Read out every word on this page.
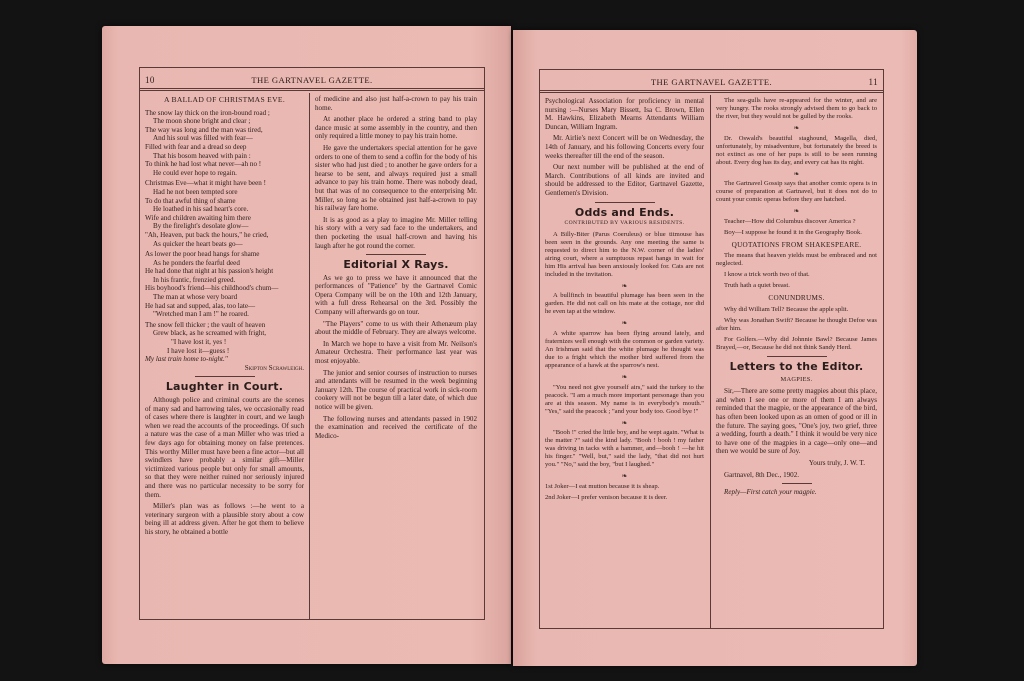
10	THE GARTNAVEL GAZETTE.
A BALLAD OF CHRISTMAS EVE.

The snow lay thick on the iron-bound road ;

The moon shone bright and clear ;

The way was long and the man was tired,

And his soul was filled with fear—

Filled with fear and a dread so deep

That his bosom heaved with pain :

To think he had lost what never—ah no !

He could ever hope to regain.

Christmas Eve—what it might have been !

Had he not been tempted sore

To do that awful thing of shame

He loathed in his sad heart's core.

Wife and children awaiting him there

By the firelight's desolate glow—

"Ah, Heaven, put back the hours," he cried,

As quicker the heart beats go—

As lower the poor head hangs for shame

As he ponders the fearful deed

He had done that night at his passion's height

In his frantic, frenzied greed.

His boyhood's friend—his childhood's chum—

The man at whose very board

He had sat and supped, alas, too late—

"Wretched man I am !" he roared.

The snow fell thicker ; the vault of heaven

Grew black, as he screamed with fright,

"I have lost it, yes !

I have lost it—guess !

My last train home to-night."

Skipton Scrawleigh.

Laughter in Court.

Although police and criminal courts are the scenes of many sad and harrowing tales, we occasionally read of cases where there is laughter in court, and we laugh when we read the accounts of the proceedings. Of such a nature was the case of a man Miller who was tried a few days ago for obtaining money on false pretences. This worthy Miller must have been a fine actor—but all swindlers have probably a similar gift—Miller victimized various people but only for small amounts, so that they were neither ruined nor seriously injured and there was no particular necessity to be sorry for them.

Miller's plan was as follows :—he went to a veterinary surgeon with a plausible story about a cow being ill at address given. After he got them to believe his story, he obtained a bottle

of medicine and also just half-a-crown to pay his train home.

At another place he ordered a string band to play dance music at some assembly in the country, and then only required a little money to pay his train home.

He gave the undertakers special attention for he gave orders to one of them to send a coffin for the body of his sister who had just died ; to another he gave orders for a hearse to be sent, and always required just a small advance to pay his train home. There was nobody dead, but that was of no consequence to the enterprising Mr. Miller, so long as he obtained just half-a-crown to pay his railway fare home.

It is as good as a play to imagine Mr. Miller telling his story with a very sad face to the undertakers, and then pocketing the usual half-crown and having his laugh after he got round the corner.

Editorial X Rays.

As we go to press we have it announced that the performances of "Patience" by the Gartnavel Comic Opera Company will be on the 10th and 12th January, with a full dress Rehearsal on the 3rd. Possibly the Company will afterwards go on tour.

"The Players" come to us with their Athenæum play about the middle of February. They are always welcome.

In March we hope to have a visit from Mr. Neilson's Amateur Orchestra. Their performance last year was most enjoyable.

The junior and senior courses of instruction to nurses and attendants will be resumed in the week beginning January 12th. The course of practical work in sick-room cookery will not be begun till a later date, of which due notice will be given.

The following nurses and attendants passed in 1902 the examination and received the certificate of the Medico-

THE GARTNAVEL GAZETTE.	11

Psychological Association for proficiency in mental nursing :—Nurses Mary Bissett, Isa C. Brown, Ellen M. Hawkins, Elizabeth Mearns Attendants William Duncan, William Ingram.

Mr. Airlie's next Concert will be on Wednesday, the 14th of January, and his following Concerts every four weeks thereafter till the end of the season.

Our next number will be published at the end of March. Contributions of all kinds are invited and should be addressed to the Editor, Gartnavel Gazette, Gentlemen's Division.

Odds and Ends.
CONTRIBUTED BY VARIOUS RESIDENTS.

A Billy-Biter (Parus Coeruleus) or blue titmouse has been seen in the grounds. Any one meeting the same is requested to direct him to the N.W. corner of the ladies' airing court, where a sumptuous repast hangs in wait for him His arrival has been anxiously looked for. Cats are not included in the invitation.

❧

A bullfinch in beautiful plumage has been seen in the garden. He did not call on his mate at the cottage, nor did he even tap at the window.

❧

A white sparrow has been flying around lately, and fraternizes well enough with the common or garden variety. An Irishman said that the white plumage he thought was due to a fright which the mother bird suffered from the appearance of a hawk at the sparrow's nest.

❧

"You need not give yourself airs," said the turkey to the peacock. "I am a much more important personage than you are at this season. My name is in everybody's mouth." "Yes," said the peacock ; "and your body too. Good bye !"

❧

"Booh !" cried the little boy, and he wept again. "What is the matter ?" said the kind lady. "Booh ! booh ! my father was driving in tacks with a hammer, and—booh ! —he hit his finger." "Well, but," said the lady, "that did not hurt you." "No," said the boy, "but I laughed."

❧

1st Joker—I eat mutton because it is sheap.

2nd Joker—I prefer venison because it is deer.

The sea-gulls have re-appeared for the winter, and are very hungry. The rooks strongly advised them to go back to the river, but they would not be gulled by the rooks.

❧

Dr. Oswald's beautiful staghound, Magella, died, unfortunately, by misadventure, but fortunately the breed is not extinct as one of her pups is still to be seen running about. Every dog has its day, and every cat has its night.

❧

The Gartnavel Gossip says that another comic opera is in course of preparation at Gartnavel, but it does not do to count your comic operas before they are hatched.

❧

Teacher—How did Columbus discover America ?

Boy—I suppose he found it in the Geography Book.

QUOTATIONS FROM SHAKESPEARE.

The means that heaven yields must be embraced and not neglected.

I know a trick worth two of that.

Truth hath a quiet breast.

CONUNDRUMS.

Why did William Tell? Because the apple split.

Why was Jonathan Swift? Because he thought Defoe was after him.

For Golfers.—Why did Johnnie Bawl? Because James Brayed,—or, Because he did not think Sandy Herd.

Letters to the Editor.
MAGPIES.

Sir,—There are some pretty magpies about this place, and when I see one or more of them I am always reminded that the magpie, or the appearance of the bird, has often been looked upon as an omen of good or ill in the future. The saying goes, "One's joy, two grief, three a wedding, fourth a death." I think it would be very nice to have one of the magpies in a cage—only one—and then we would be sure of Joy.

Yours truly, J. W. T.

Gartnavel, 8th Dec., 1902.

Reply—First catch your magpie.
